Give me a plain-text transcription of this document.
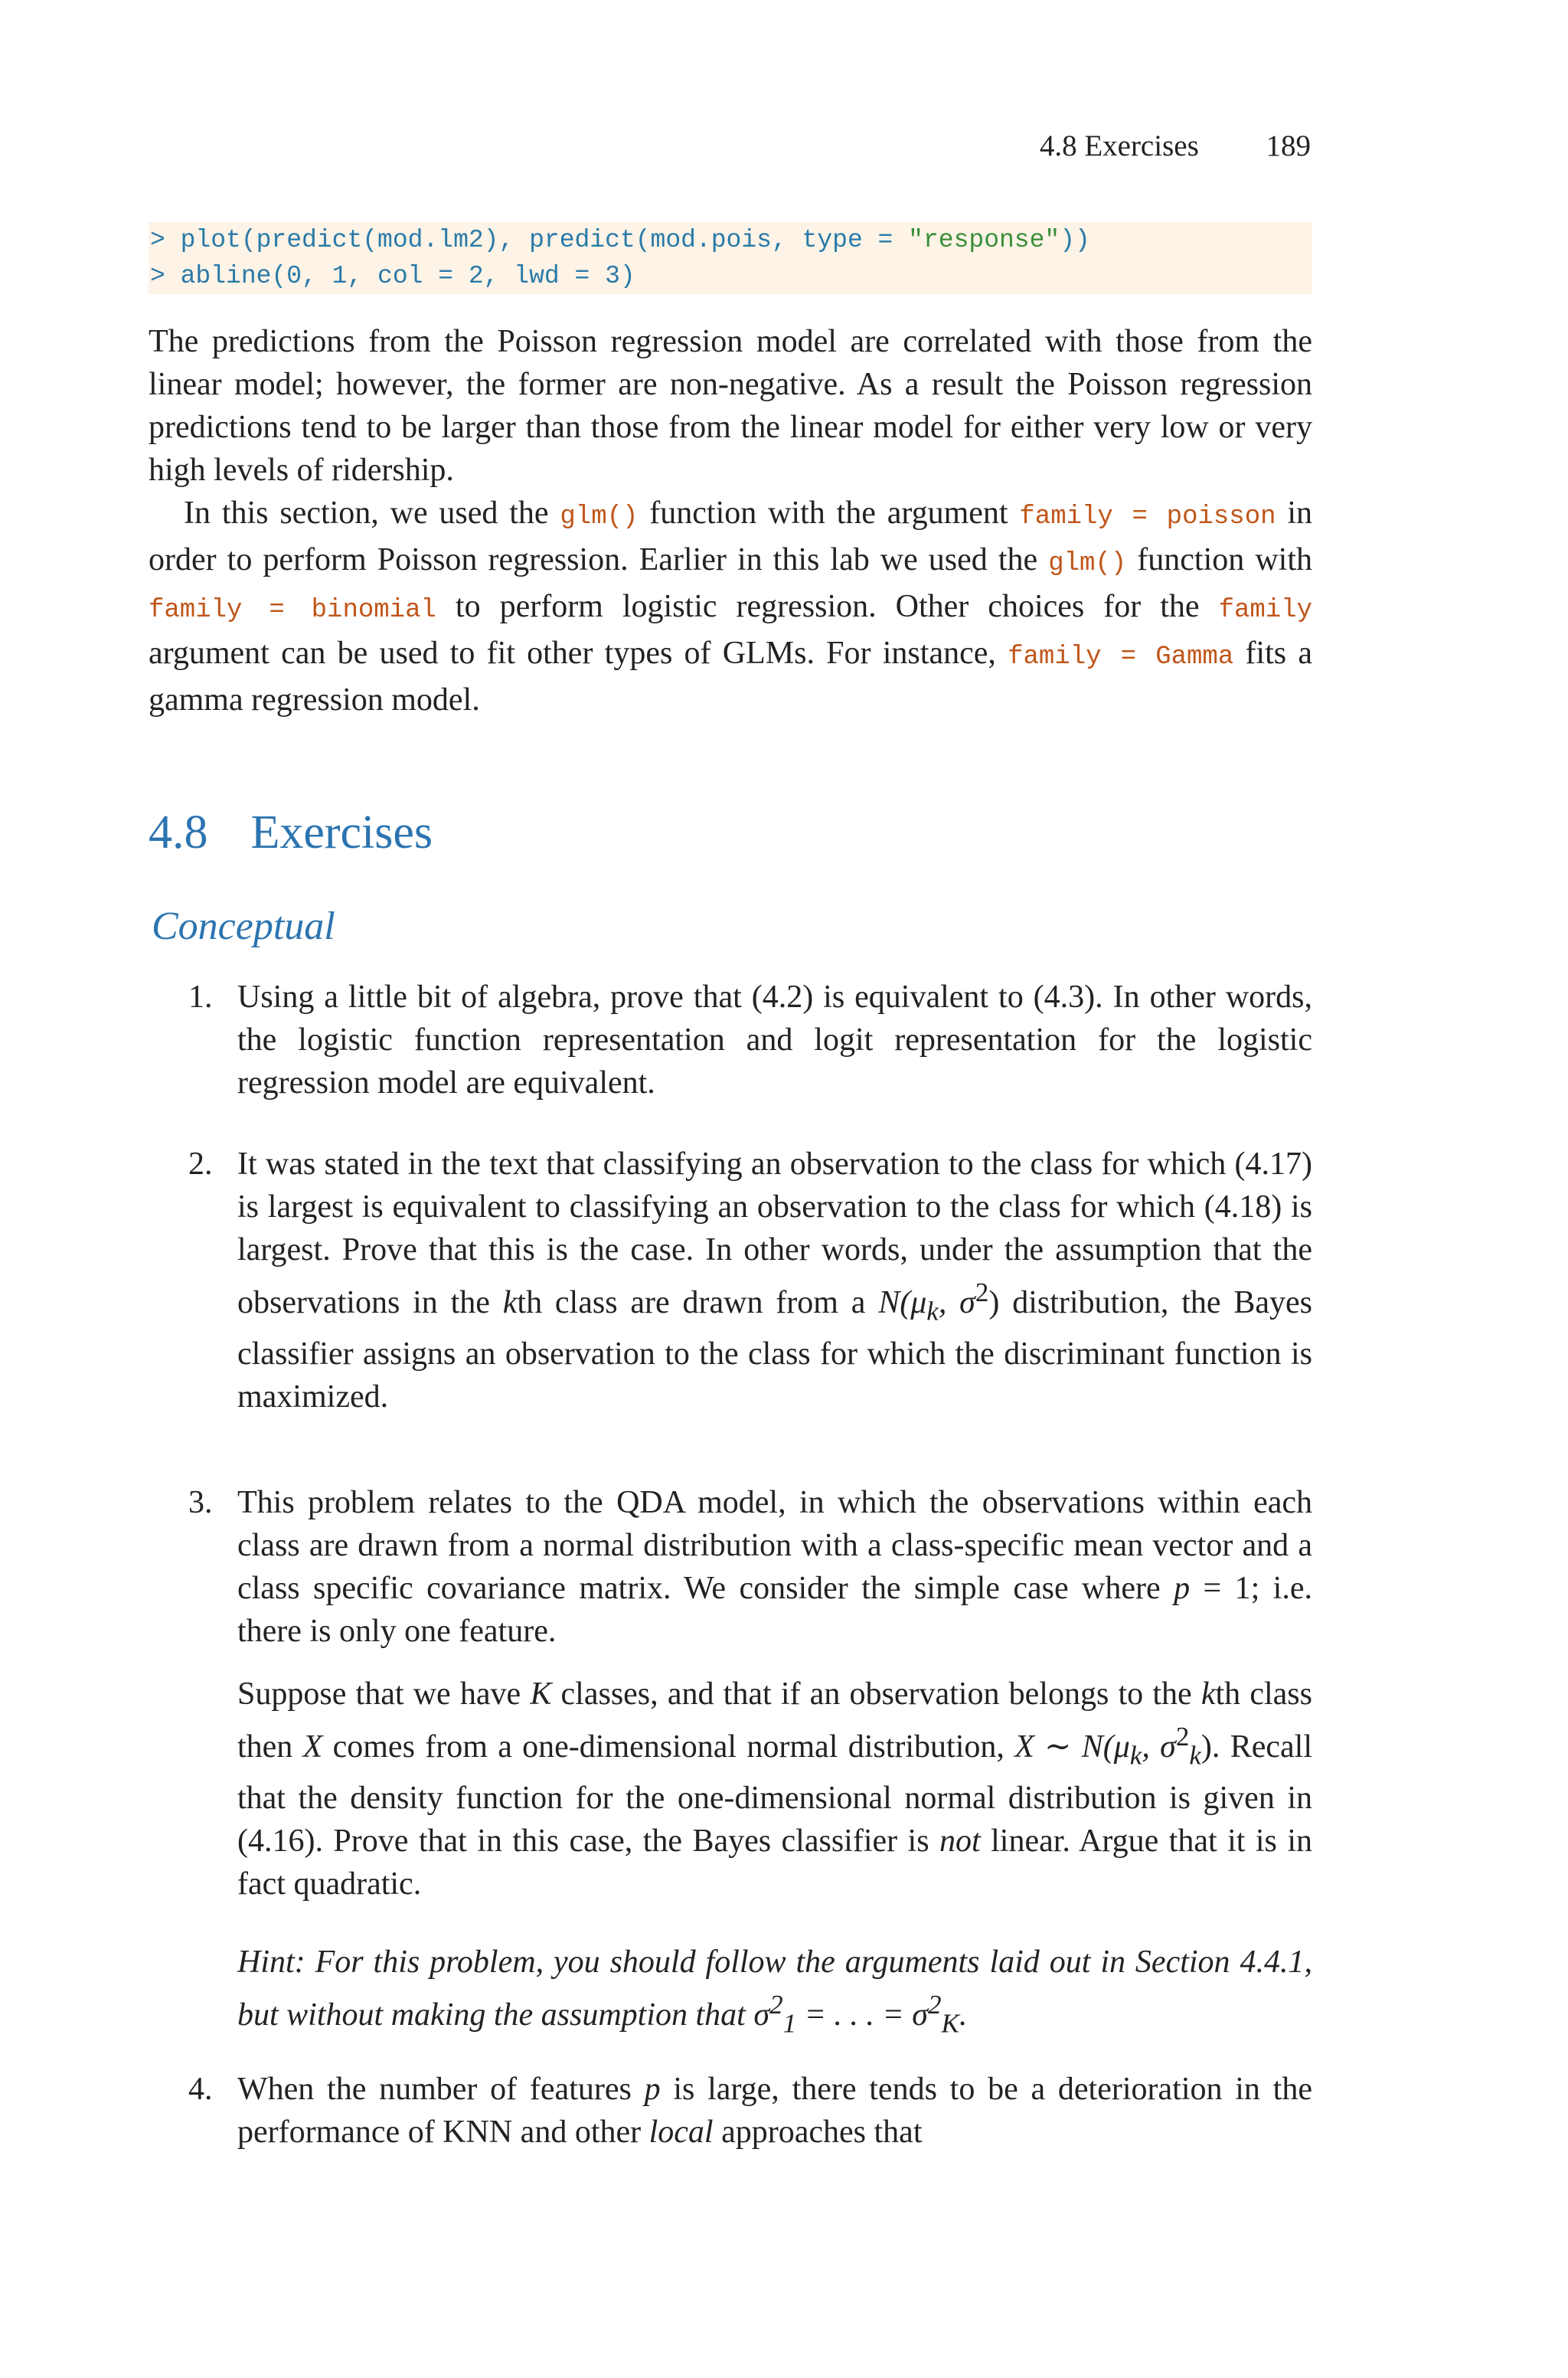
4.8 Exercises 189
> plot(predict(mod.lm2), predict(mod.pois, type = "response"))
> abline(0, 1, col = 2, lwd = 3)

The predictions from the Poisson regression model are correlated with those from the linear model; however, the former are non-negative. As a result the Poisson regression predictions tend to be larger than those from the linear model for either very low or very high levels of ridership.

In this section, we used the glm() function with the argument family = poisson in order to perform Poisson regression. Earlier in this lab we used the glm() function with family = binomial to perform logistic regression. Other choices for the family argument can be used to fit other types of GLMs. For instance, family = Gamma fits a gamma regression model.

4.8 Exercises
Conceptual
1. Using a little bit of algebra, prove that (4.2) is equivalent to (4.3). In other words, the logistic function representation and logit representation for the logistic regression model are equivalent.

2. It was stated in the text that classifying an observation to the class for which (4.17) is largest is equivalent to classifying an observation to the class for which (4.18) is largest. Prove that this is the case. In other words, under the assumption that the observations in the kth class are drawn from a $N(\mu_k$, $\sigma^2$) distribution, the Bayes classifier assigns an observation to the class for which the discriminant function is maximized.

3. This problem relates to the QDA model, in which the observations within each class are drawn from a normal distribution with a class-specific mean vector and a class specific covariance matrix. We consider the simple case where p = 1; i.e. there is only one feature.

Suppose that we have K classes, and that if an observation belongs to the kth class then X comes from a one-dimensional normal distribution, X ∼ $N(\mu_k$, $\sigma^2_k$). Recall that the density function for the one-dimensional normal distribution is given in (4.16). Prove that in this case, the Bayes classifier is not linear. Argue that it is in fact quadratic.

Hint: For this problem, you should follow the arguments laid out in Section 4.4.1, but without making the assumption that $\sigma^2_1$ = . . . = $\sigma^2_K$.

4. When the number of features p is large, there tends to be a deterioration in the performance of KNN and other local approaches that
